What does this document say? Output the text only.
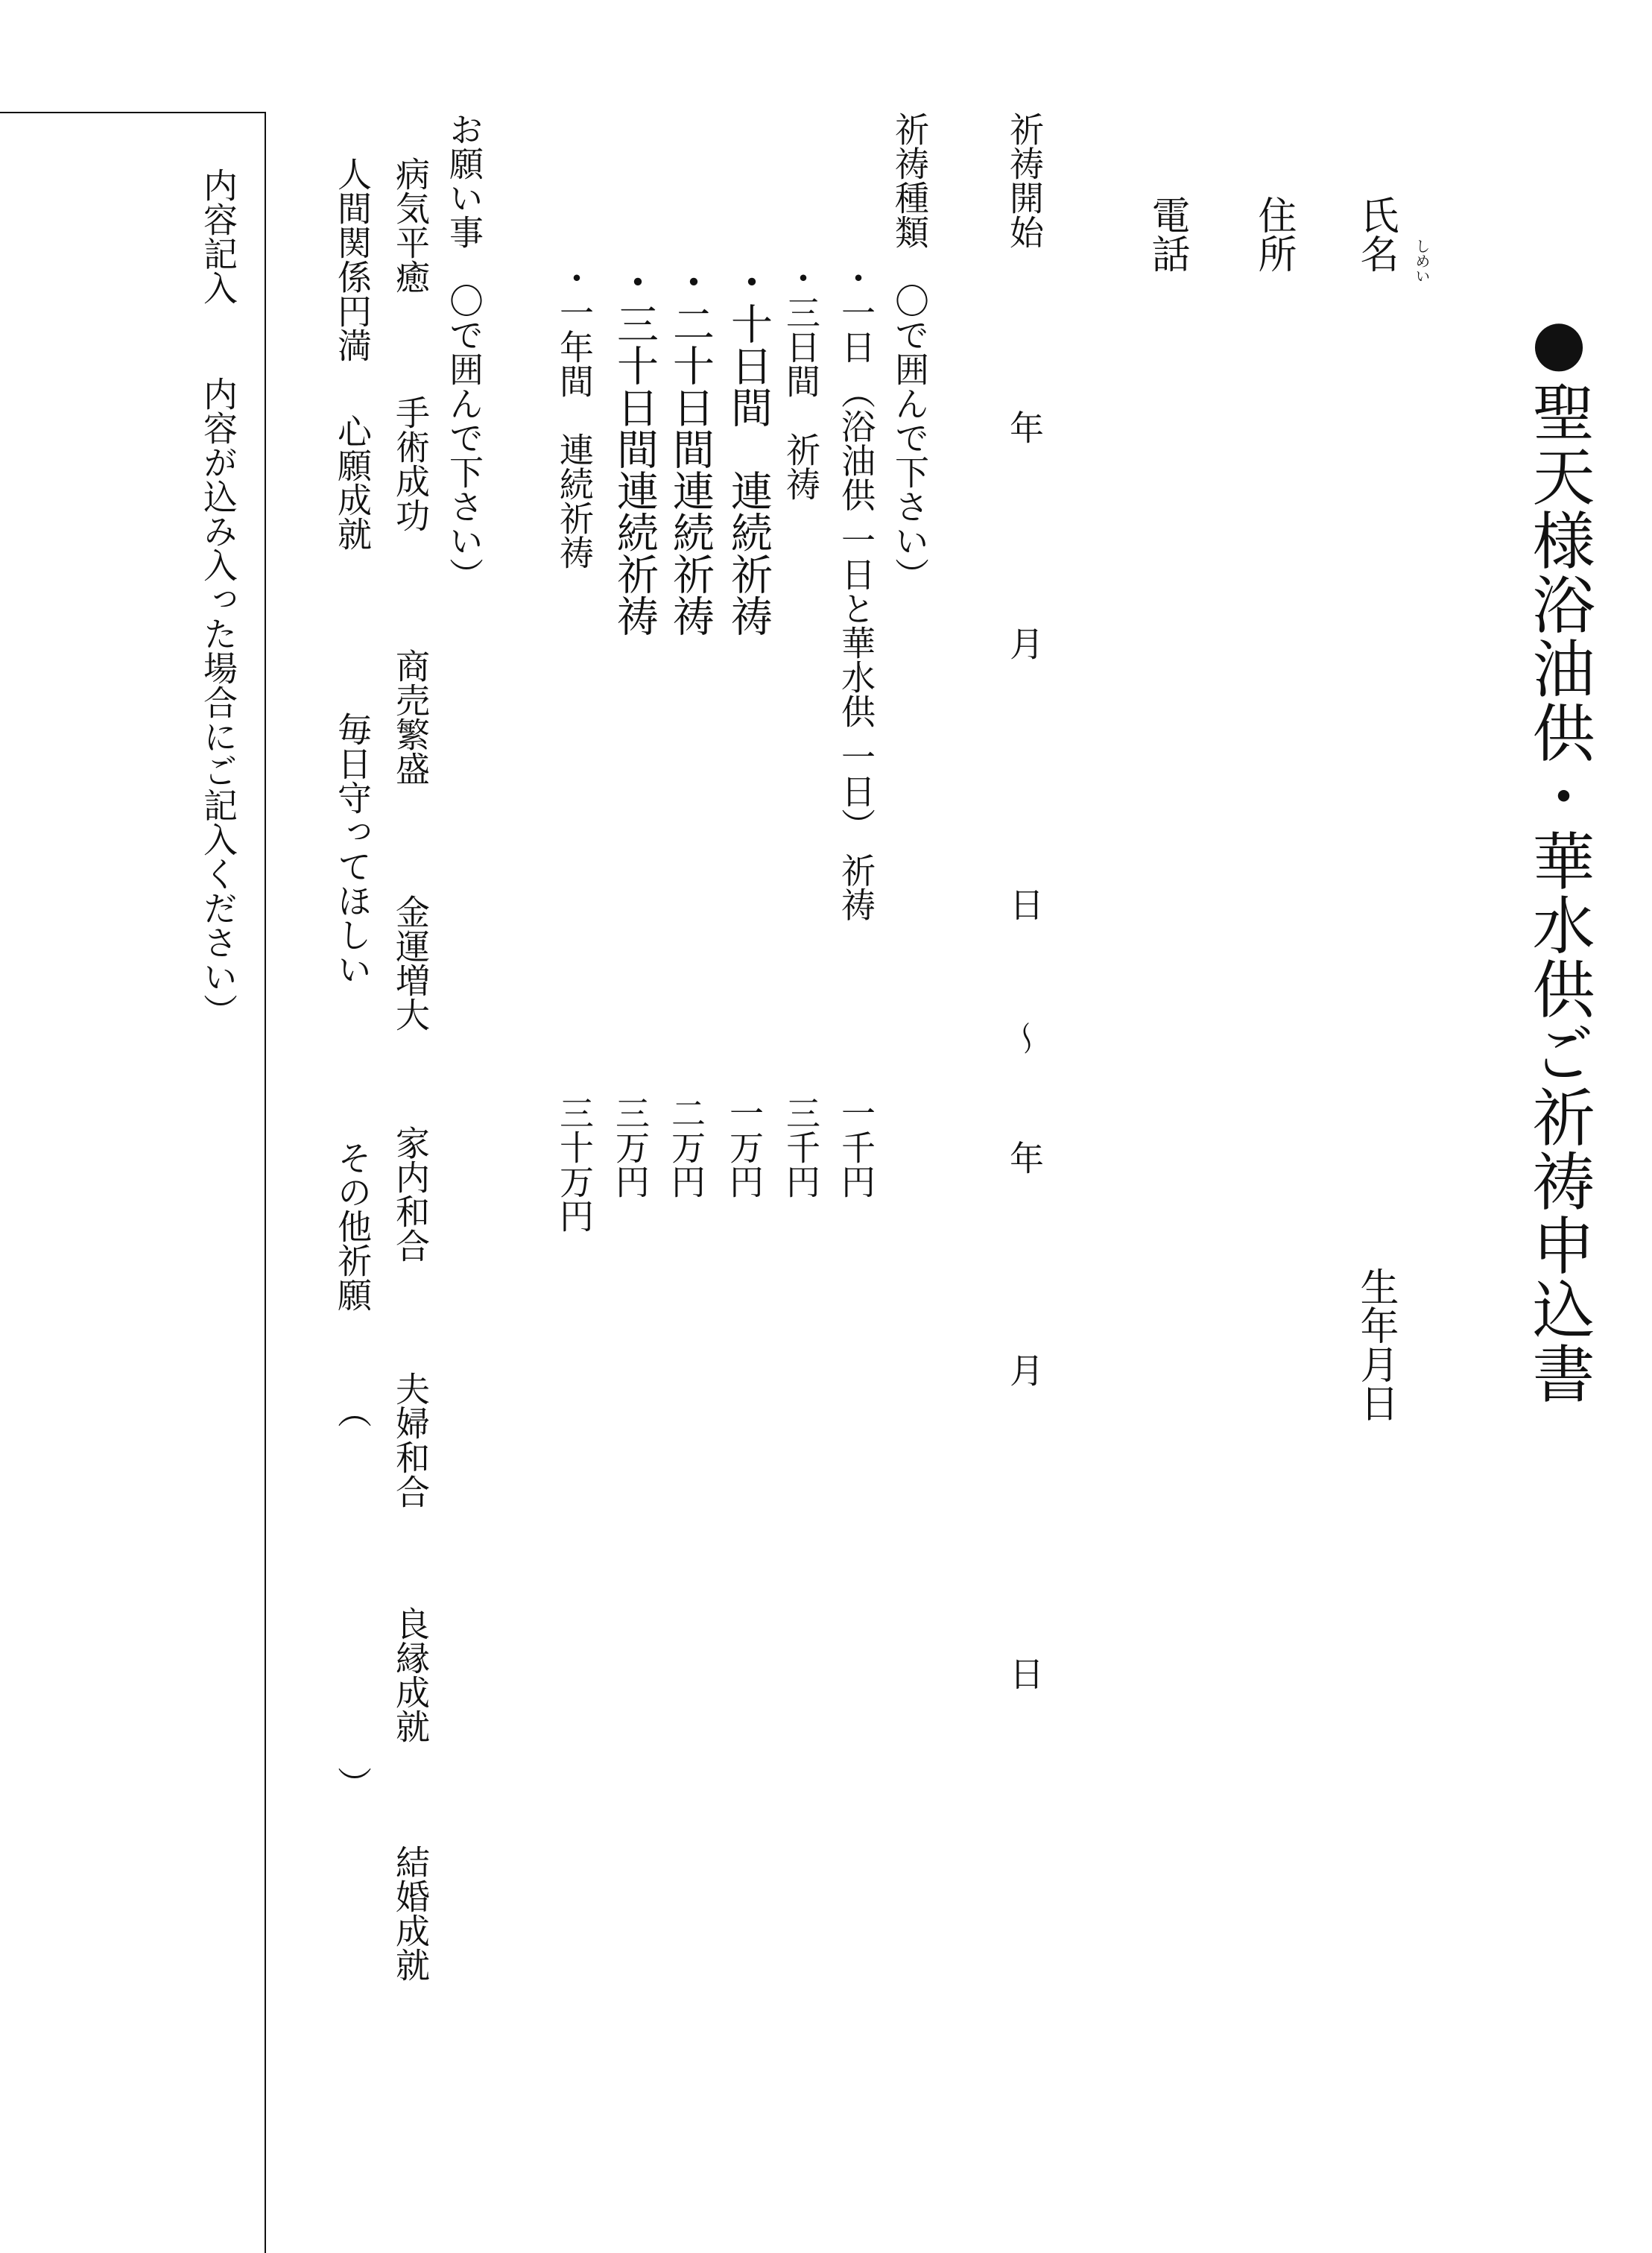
●聖天様浴油供・華水供ご祈祷申込書
しめい
氏名
生年月日
住所
電話
祈祷開始
年
月
日
～
年
月
日
祈祷種類　〇で囲んで下さい）
・一日 （浴油供 一日と華水供 一日） 祈祷
一千円
・三日間　祈祷
三千円
・十日間　連続祈祷
一万円
・二十日間連続祈祷
二万円
・三十日間連続祈祷
三万円
・一年間　連続祈祷
三十万円
お願い事　〇で囲んで下さい）
病気平癒
手術成功
商売繁盛
金運増大
家内和合
夫婦和合
良縁成就
結婚成就
人間関係円満
心願成就
毎日守ってほしい
その他祈願
（
）
内容記入
内容が込み入った場合にご記入ください）
